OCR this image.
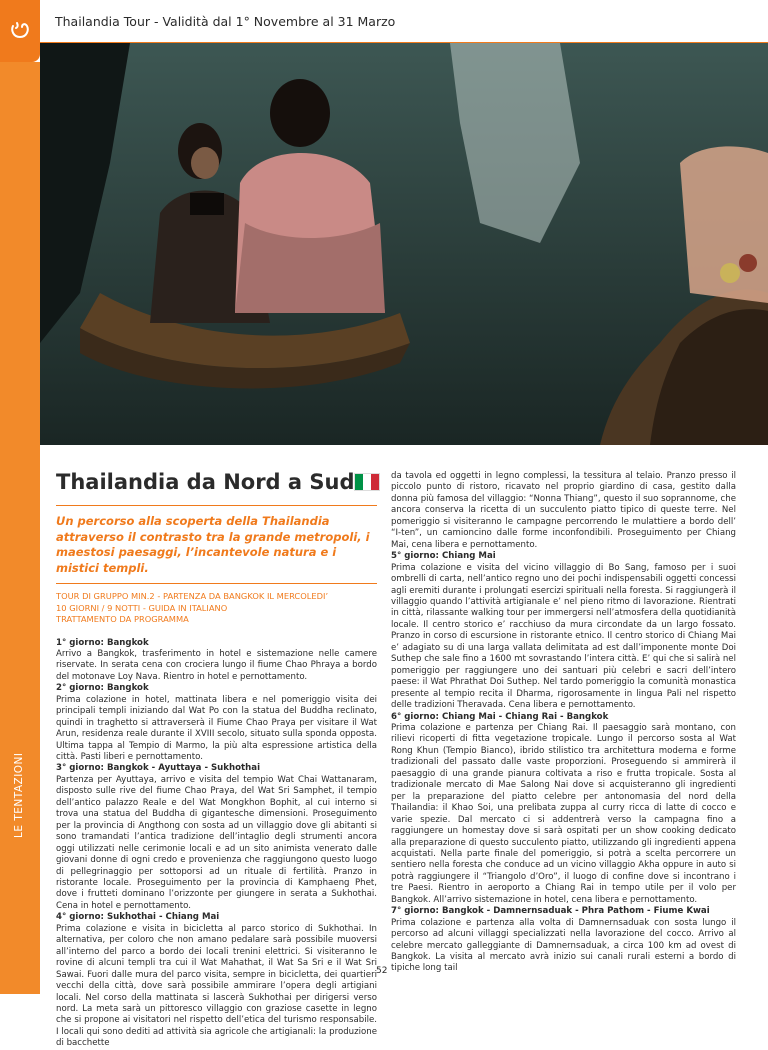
Thailandia Tour - Validità dal 1° Novembre al 31 Marzo
LE TENTAZIONI
Thailandia da Nord a Sud

Un percorso alla scoperta della Thailandia attraverso il contrasto tra la grande metropoli, i maestosi paesaggi, l’incantevole natura e i mistici templi.

TOUR DI GRUPPO MIN.2 - PARTENZA DA BANGKOK IL MERCOLEDI’
10 GIORNI / 9 NOTTI - GUIDA IN ITALIANO
TRATTAMENTO DA PROGRAMMA
1° giorno: Bangkok

Arrivo a Bangkok, trasferimento in hotel e sistemazione nelle camere riservate. In serata cena con crociera lungo il fiume Chao Phraya a bordo del motonave Loy Nava. Rientro in hotel e pernottamento.

2° giorno: Bangkok

Prima colazione in hotel, mattinata libera e nel pomeriggio visita dei principali templi iniziando dal Wat Po con la statua del Buddha reclinato, quindi in traghetto si attraverserà il Fiume Chao Praya per visitare il Wat Arun, residenza reale durante il XVIII secolo, situato sulla sponda opposta. Ultima tappa al Tempio di Marmo, la più alta espressione artistica della città. Pasti liberi e pernottamento.

3° giorno: Bangkok - Ayuttaya - Sukhothai

Partenza per Ayuttaya, arrivo e visita del tempio Wat Chai Wattanaram, disposto sulle rive del fiume Chao Praya, del Wat Sri Samphet, il tempio dell’antico palazzo Reale e del Wat Mongkhon Bophit, al cui interno si trova una statua del Buddha di gigantesche dimensioni. Proseguimento per la provincia di Angthong con sosta ad un villaggio dove gli abitanti si sono tramandati l’antica tradizione dell’intaglio degli strumenti ancora oggi utilizzati nelle cerimonie locali e ad un sito animista venerato dalle giovani donne di ogni credo e provenienza che raggiungono questo luogo di pellegrinaggio per sottoporsi ad un rituale di fertilità. Pranzo in ristorante locale. Proseguimento per la provincia di Kamphaeng Phet, dove i frutteti dominano l’orizzonte per giungere in serata a Sukhothai. Cena in hotel e pernottamento.

4° giorno: Sukhothai - Chiang Mai

Prima colazione e visita in bicicletta al parco storico di Sukhothai. In alternativa, per coloro che non amano pedalare sarà possibile muoversi all’interno del parco a bordo dei locali trenini elettrici. Si visiteranno le rovine di alcuni templi tra cui il Wat Mahathat, il Wat Sa Sri e il Wat Sri Sawai. Fuori dalle mura del parco visita, sempre in bicicletta, dei quartieri vecchi della città, dove sarà possibile ammirare l’opera degli artigiani locali. Nel corso della mattinata si lascerà Sukhothai per dirigersi verso nord. La meta sarà un pittoresco villaggio con graziose casette in legno che si propone ai visitatori nel rispetto dell’etica del turismo responsabile. I locali qui sono dediti ad attività sia agricole che artigianali: la produzione di bacchette

da tavola ed oggetti in legno complessi, la tessitura al telaio. Pranzo presso il piccolo punto di ristoro, ricavato nel proprio giardino di casa, gestito dalla donna più famosa del villaggio: “Nonna Thiang”, questo il suo soprannome, che ancora conserva la ricetta di un succulento piatto tipico di queste terre. Nel pomeriggio si visiteranno le campagne percorrendo le mulattiere a bordo dell’ “I-ten”, un camioncino dalle forme inconfondibili. Proseguimento per Chiang Mai, cena libera e pernottamento.

5° giorno: Chiang Mai

Prima colazione e visita del vicino villaggio di Bo Sang, famoso per i suoi ombrelli di carta, nell’antico regno uno dei pochi indispensabili oggetti concessi agli eremiti durante i prolungati esercizi spirituali nella foresta. Si raggiungerà il villaggio quando l’attività artigianale e’ nel pieno ritmo di lavorazione. Rientrati in città, rilassante walking tour per immergersi nell’atmosfera della quotidianità locale. Il centro storico e’ racchiuso da mura circondate da un largo fossato. Pranzo in corso di escursione in ristorante etnico. Il centro storico di Chiang Mai e’ adagiato su di una larga vallata delimitata ad est dall’imponente monte Doi Suthep che sale fino a 1600 mt sovrastando l’intera città. E’ qui che si salirà nel pomeriggio per raggiungere uno dei santuari più celebri e sacri dell’intero paese: il Wat Phrathat Doi Suthep. Nel tardo pomeriggio la comunità monastica presente al tempio recita il Dharma, rigorosamente in lingua Pali nel rispetto delle tradizioni Theravada. Cena libera e pernottamento.

6° giorno: Chiang Mai - Chiang Rai - Bangkok

Prima colazione e partenza per Chiang Rai. Il paesaggio sarà montano, con rilievi ricoperti di fitta vegetazione tropicale. Lungo il percorso sosta al Wat Rong Khun (Tempio Bianco), ibrido stilistico tra architettura moderna e forme tradizionali del passato dalle vaste proporzioni. Proseguendo si ammirerà il paesaggio di una grande pianura coltivata a riso e frutta tropicale. Sosta al tradizionale mercato di Mae Salong Nai dove si acquisteranno gli ingredienti per la preparazione del piatto celebre per antonomasia del nord della Thailandia: il Khao Soi, una prelibata zuppa al curry ricca di latte di cocco e varie spezie. Dal mercato ci si addentrerà verso la campagna fino a raggiungere un homestay dove si sarà ospitati per un show cooking dedicato alla preparazione di questo succulento piatto, utilizzando gli ingredienti appena acquistati. Nella parte finale del pomeriggio, si potrà a scelta percorrere un sentiero nella foresta che conduce ad un vicino villaggio Akha oppure in auto si potrà raggiungere il “Triangolo d’Oro”, il luogo di confine dove si incontrano i tre Paesi. Rientro in aeroporto a Chiang Rai in tempo utile per il volo per Bangkok. All’arrivo sistemazione in hotel, cena libera e pernottamento.

7° giorno: Bangkok - Damnernsaduak - Phra Pathom - Fiume Kwai

Prima colazione e partenza alla volta di Damnernsaduak con sosta lungo il percorso ad alcuni villaggi specializzati nella lavorazione del cocco. Arrivo al celebre mercato galleggiante di Damnernsaduak, a circa 100 km ad ovest di Bangkok. La visita al mercato avrà inizio sui canali rurali esterni a bordo di tipiche long tail

52
